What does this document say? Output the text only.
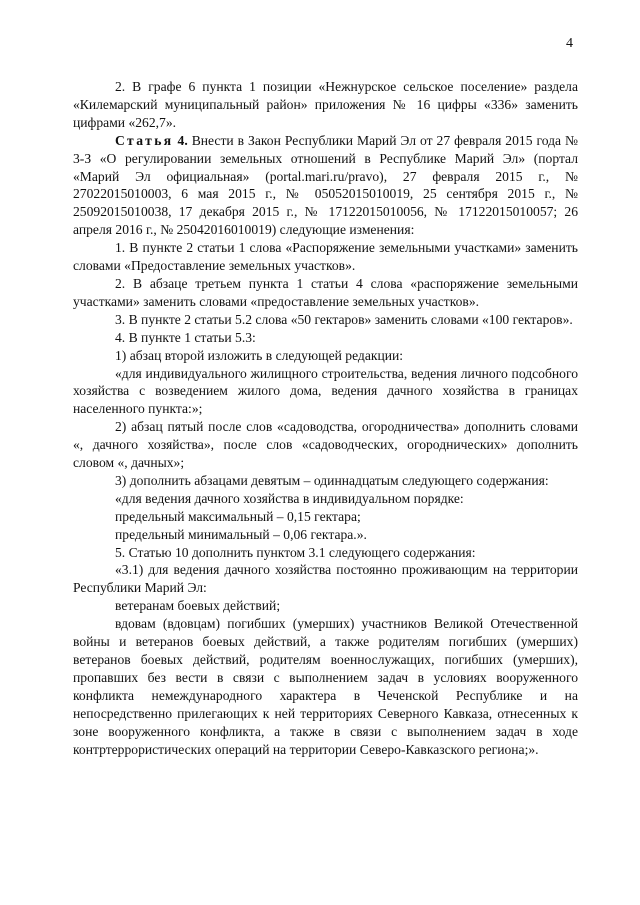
4

2. В графе 6 пункта 1 позиции «Нежнурское сельское поселение» раздела «Килемарский муниципальный район» приложения № 16 цифры «336» заменить цифрами «262,7».

Статья 4. Внести в Закон Республики Марий Эл от 27 февраля 2015 года № 3-З «О регулировании земельных отношений в Республике Марий Эл» (портал «Марий Эл официальная» (portal.mari.ru/pravo), 27 февраля 2015 г., № 27022015010003, 6 мая 2015 г., № 05052015010019, 25 сентября 2015 г., № 25092015010038, 17 декабря 2015 г., № 17122015010056, № 17122015010057; 26 апреля 2016 г., № 25042016010019) следующие изменения:

1. В пункте 2 статьи 1 слова «Распоряжение земельными участками» заменить словами «Предоставление земельных участков».

2. В абзаце третьем пункта 1 статьи 4 слова «распоряжение земельными участками» заменить словами «предоставление земельных участков».

3. В пункте 2 статьи 5.2 слова «50 гектаров» заменить словами «100 гектаров».

4. В пункте 1 статьи 5.3:

1) абзац второй изложить в следующей редакции:

«для индивидуального жилищного строительства, ведения личного подсобного хозяйства с возведением жилого дома, ведения дачного хозяйства в границах населенного пункта:»;

2) абзац пятый после слов «садоводства, огородничества» дополнить словами «, дачного хозяйства», после слов «садоводческих, огороднических» дополнить словом «, дачных»;

3) дополнить абзацами девятым – одиннадцатым следующего содержания:

«для ведения дачного хозяйства в индивидуальном порядке:

предельный максимальный – 0,15 гектара;

предельный минимальный – 0,06 гектара.».

5. Статью 10 дополнить пунктом 3.1 следующего содержания:

«3.1) для ведения дачного хозяйства постоянно проживающим на территории Республики Марий Эл:

ветеранам боевых действий;

вдовам (вдовцам) погибших (умерших) участников Великой Отечественной войны и ветеранов боевых действий, а также родителям погибших (умерших) ветеранов боевых действий, родителям военнослужащих, погибших (умерших), пропавших без вести в связи с выполнением задач в условиях вооруженного конфликта немеждународного характера в Чеченской Республике и на непосредственно прилегающих к ней территориях Северного Кавказа, отнесенных к зоне вооруженного конфликта, а также в связи с выполнением задач в ходе контртеррористических операций на территории Северо-Кавказского региона;».
